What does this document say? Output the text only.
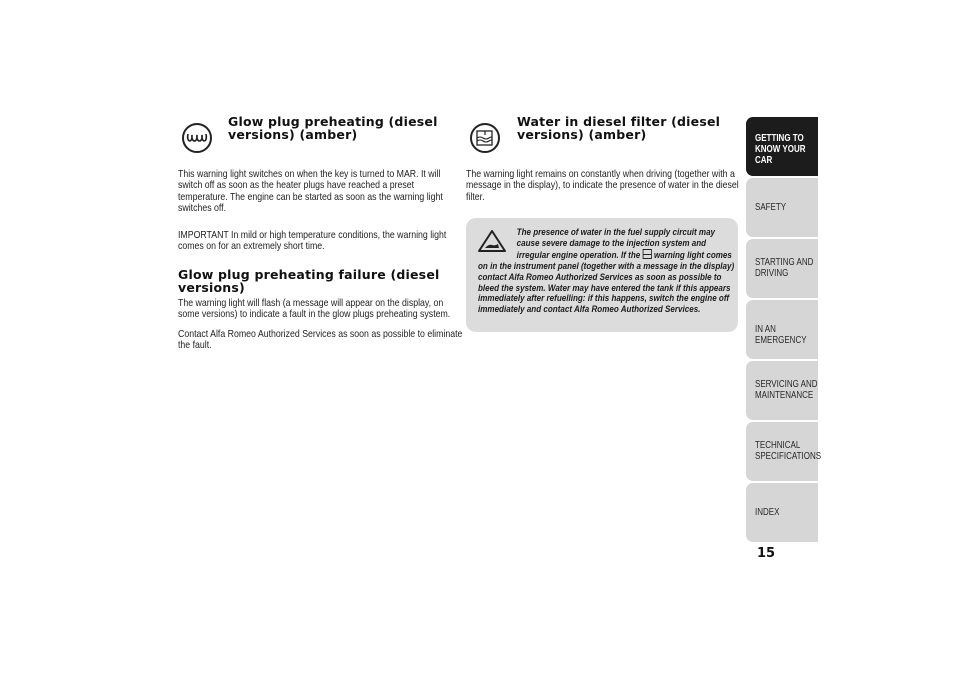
Glow plug preheating (diesel versions) (amber)
This warning light switches on when the key is turned to MAR. It will switch off as soon as the heater plugs have reached a preset temperature. The engine can be started as soon as the warning light switches off.
IMPORTANT In mild or high temperature conditions, the warning light comes on for an extremely short time.
Glow plug preheating failure (diesel versions)
The warning light will flash (a message will appear on the display, on some versions) to indicate a fault in the glow plugs preheating system.
Contact Alfa Romeo Authorized Services as soon as possible to eliminate the fault.
Water in diesel filter (diesel versions) (amber)
The warning light remains on constantly when driving (together with a message in the display), to indicate the presence of water in the diesel filter.
The presence of water in the fuel supply circuit may cause severe damage to the injection system and irregular engine operation. If the warning light comes on in the instrument panel (together with a message in the display) contact Alfa Romeo Authorized Services as soon as possible to bleed the system. Water may have entered the tank if this appears immediately after refuelling: if this happens, switch the engine off immediately and contact Alfa Romeo Authorized Services.
GETTING TO
KNOW YOUR CAR
SAFETY
STARTING AND
DRIVING
IN AN EMERGENCY
SERVICING AND
MAINTENANCE
TECHNICAL
SPECIFICATIONS
INDEX
15
